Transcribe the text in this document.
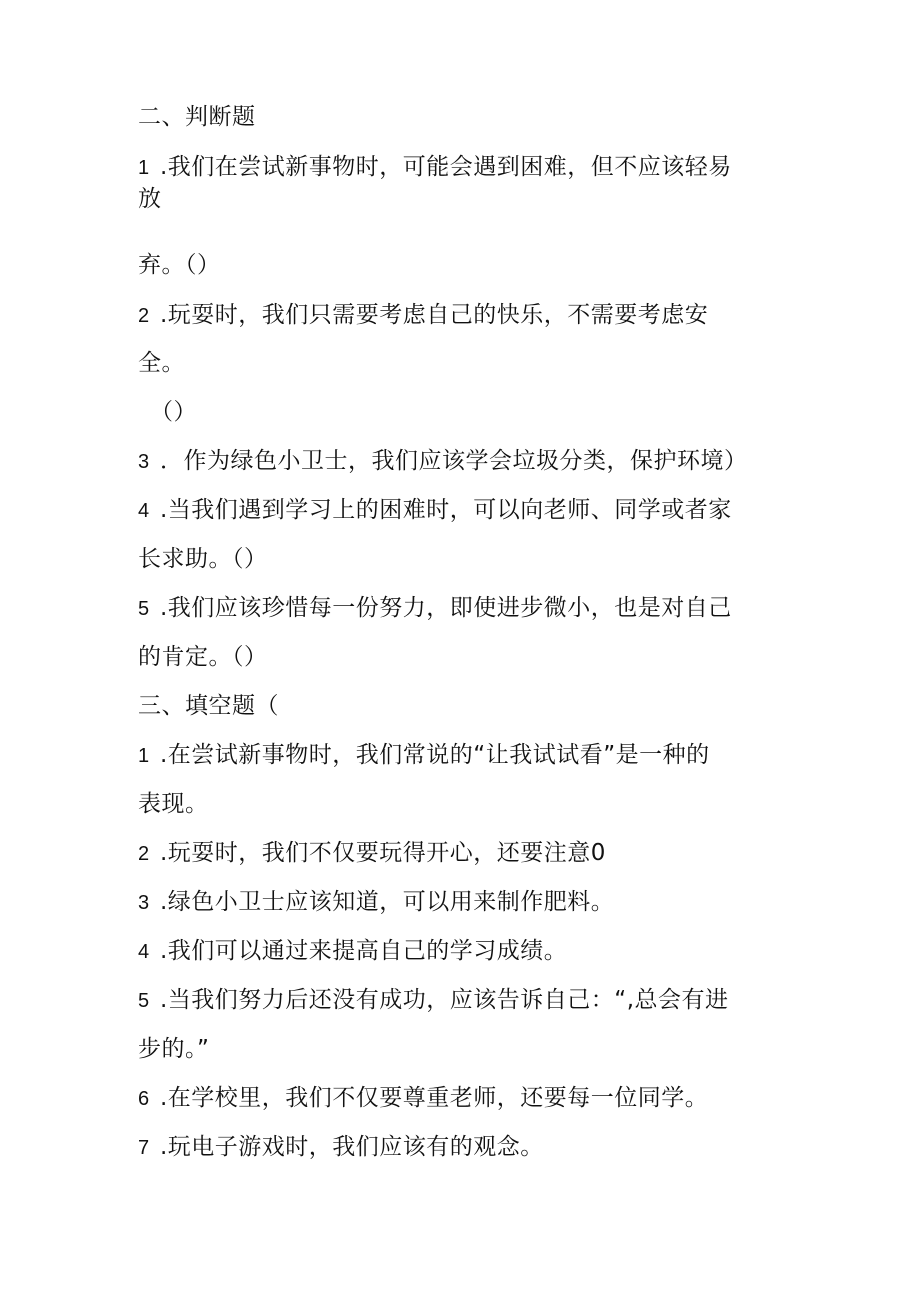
二、判断题
1 .我们在尝试新事物时，可能会遇到困难，但不应该轻易
放
弃。（）
2 .玩耍时，我们只需要考虑自己的快乐，不需要考虑安
全。
（）
3 ．作为绿色小卫士，我们应该学会垃圾分类，保护环境）
4 .当我们遇到学习上的困难时，可以向老师、同学或者家
长求助。（）
5 .我们应该珍惜每一份努力，即使进步微小，也是对自己
的肯定。（）
三、填空题（
1 .在尝试新事物时，我们常说的“让我试试看”是一种的
表现。
2 .玩耍时，我们不仅要玩得开心，还要注意0
3 .绿色小卫士应该知道，可以用来制作肥料。
4 .我们可以通过来提高自己的学习成绩。
5 .当我们努力后还没有成功，应该告诉自己：“,总会有进
步的。”
6 .在学校里，我们不仅要尊重老师，还要每一位同学。
7 .玩电子游戏时，我们应该有的观念。
